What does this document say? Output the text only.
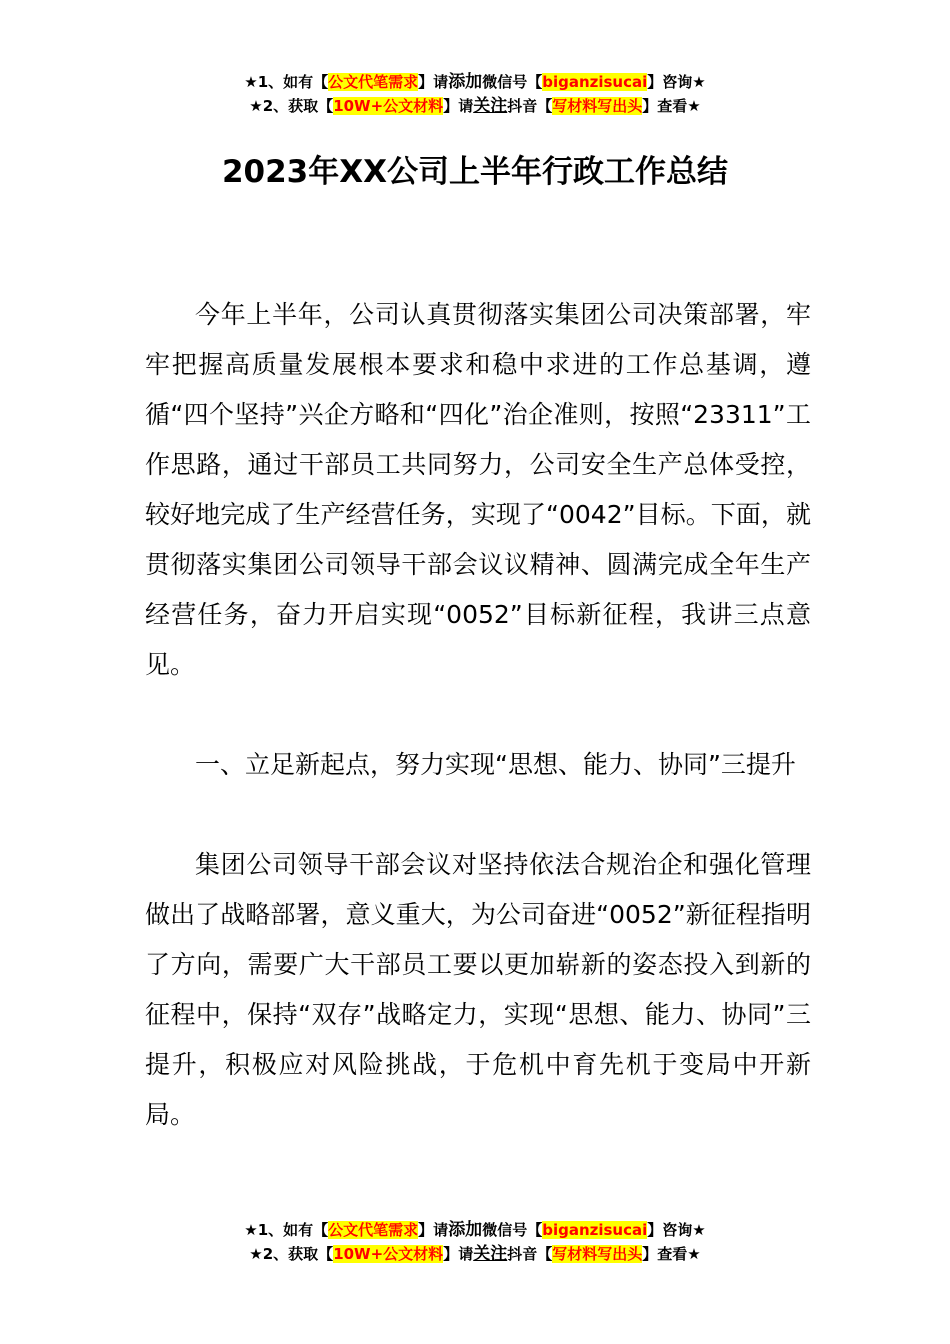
★1、如有【公文代笔需求】请添加微信号【biganzisucai】咨询★
★2、获取【10W+公文材料】请关注抖音【写材料写出头】查看★
2023年XX公司上半年行政工作总结

今年上半年，公司认真贯彻落实集团公司决策部署，牢牢把握高质量发展根本要求和稳中求进的工作总基调，遵循“四个坚持”兴企方略和“四化”治企准则，按照“23311”工作思路，通过干部员工共同努力，公司安全生产总体受控，较好地完成了生产经营任务，实现了“0042”目标。下面，就贯彻落实集团公司领导干部会议议精神、圆满完成全年生产经营任务，奋力开启实现“0052”目标新征程，我讲三点意见。

一、立足新起点，努力实现“思想、能力、协同”三提升

集团公司领导干部会议对坚持依法合规治企和强化管理做出了战略部署，意义重大，为公司奋进“0052”新征程指明了方向，需要广大干部员工要以更加崭新的姿态投入到新的征程中，保持“双存”战略定力，实现“思想、能力、协同”三提升，积极应对风险挑战，于危机中育先机于变局中开新局。

★1、如有【公文代笔需求】请添加微信号【biganzisucai】咨询★
★2、获取【10W+公文材料】请关注抖音【写材料写出头】查看★
